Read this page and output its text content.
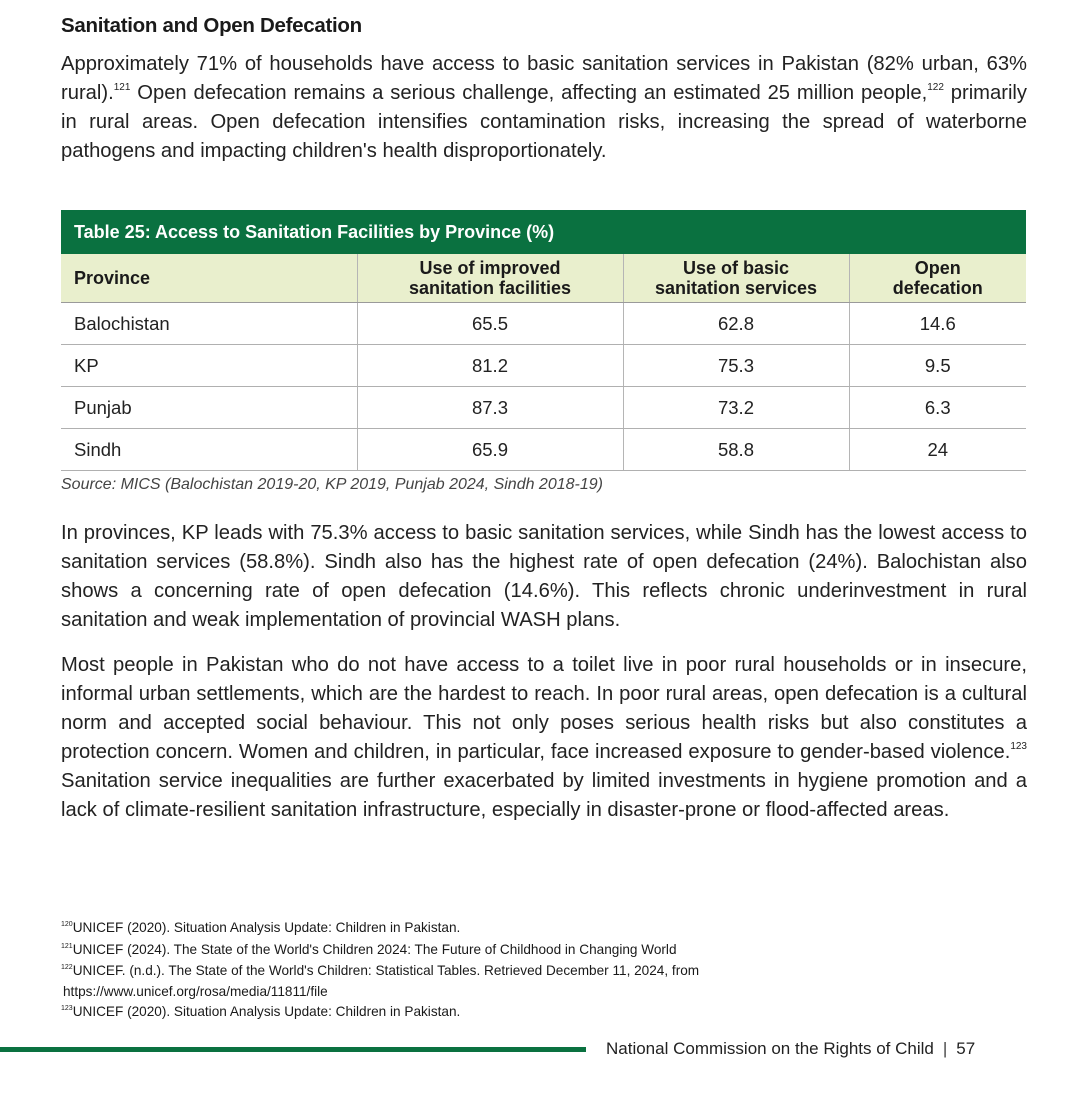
Sanitation and Open Defecation

Approximately 71% of households have access to basic sanitation services in Pakistan (82% urban, 63% rural).$^{121}$ Open defecation remains a serious challenge, affecting an estimated 25 million people,$^{122}$ primarily in rural areas. Open defecation intensifies contamination risks, increasing the spread of waterborne pathogens and impacting children's health disproportionately.

Table 25: Access to Sanitation Facilities by Province (%)
Province	Use of improved sanitation facilities	Use of basic sanitation services	Open defecation
Balochistan	65.5	62.8	14.6
KP	81.2	75.3	9.5
Punjab	87.3	73.2	6.3
Sindh	65.9	58.8	24
Source: MICS (Balochistan 2019-20, KP 2019, Punjab 2024, Sindh 2018-19)

In provinces, KP leads with 75.3% access to basic sanitation services, while Sindh has the lowest access to sanitation services (58.8%). Sindh also has the highest rate of open defecation (24%). Balochistan also shows a concerning rate of open defecation (14.6%). This reflects chronic underinvestment in rural sanitation and weak implementation of provincial WASH plans.

Most people in Pakistan who do not have access to a toilet live in poor rural households or in insecure, informal urban settlements, which are the hardest to reach. In poor rural areas, open defecation is a cultural norm and accepted social behaviour. This not only poses serious health risks but also constitutes a protection concern. Women and children, in particular, face increased exposure to gender-based violence.$^{123}$ Sanitation service inequalities are further exacerbated by limited investments in hygiene promotion and a lack of climate-resilient sanitation infrastructure, especially in disaster-prone or flood-affected areas.

$^{120}$UNICEF (2020). Situation Analysis Update: Children in Pakistan.
$^{121}$UNICEF (2024). The State of the World's Children 2024: The Future of Childhood in Changing World
$^{122}$UNICEF. (n.d.). The State of the World's Children: Statistical Tables. Retrieved December 11, 2024, from
https://www.unicef.org/rosa/media/11811/file
$^{123}$UNICEF (2020). Situation Analysis Update: Children in Pakistan.
National Commission on the Rights of Child | 57
